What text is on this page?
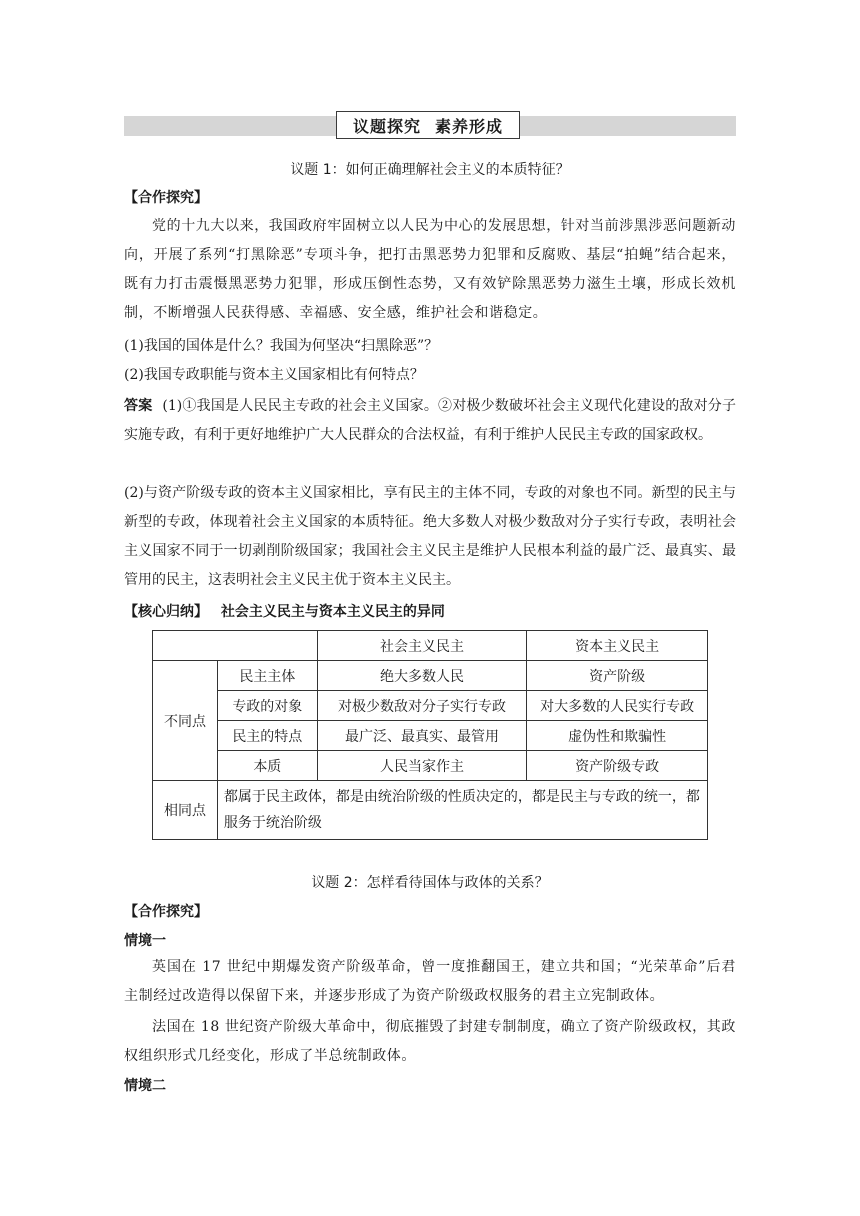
议题探究 素养形成
议题 1：如何正确理解社会主义的本质特征？
【合作探究】
党的十九大以来，我国政府牢固树立以人民为中心的发展思想，针对当前涉黑涉恶问题新动向，开展了系列“打黑除恶”专项斗争，把打击黑恶势力犯罪和反腐败、基层“拍蝇”结合起来，既有力打击震慑黑恶势力犯罪，形成压倒性态势，又有效铲除黑恶势力滋生土壤，形成长效机制，不断增强人民获得感、幸福感、安全感，维护社会和谐稳定。
(1)我国的国体是什么？我国为何坚决“扫黑除恶”？
(2)我国专政职能与资本主义国家相比有何特点？
答案 (1)①我国是人民民主专政的社会主义国家。②对极少数破坏社会主义现代化建设的敌对分子实施专政，有利于更好地维护广大人民群众的合法权益，有利于维护人民民主专政的国家政权。
(2)与资产阶级专政的资本主义国家相比，享有民主的主体不同，专政的对象也不同。新型的民主与新型的专政，体现着社会主义国家的本质特征。绝大多数人对极少数敌对分子实行专政，表明社会主义国家不同于一切剥削阶级国家；我国社会主义民主是维护人民根本利益的最广泛、最真实、最管用的民主，这表明社会主义民主优于资本主义民主。
【核心归纳】 社会主义民主与资本主义民主的异同
		社会主义民主	资本主义民主
不同点	民主主体	绝大多数人民	资产阶级
	专政的对象	对极少数敌对分子实行专政	对大多数的人民实行专政
	民主的特点	最广泛、最真实、最管用	虚伪性和欺骗性
	本质	人民当家作主	资产阶级专政
相同点	都属于民主政体，都是由统治阶级的性质决定的，都是民主与专政的统一，都服务于统治阶级		
议题 2：怎样看待国体与政体的关系？
【合作探究】
情境一
英国在 17 世纪中期爆发资产阶级革命，曾一度推翻国王，建立共和国；“光荣革命”后君主制经过改造得以保留下来，并逐步形成了为资产阶级政权服务的君主立宪制政体。
法国在 18 世纪资产阶级大革命中，彻底摧毁了封建专制制度，确立了资产阶级政权，其政权组织形式几经变化，形成了半总统制政体。
情境二
